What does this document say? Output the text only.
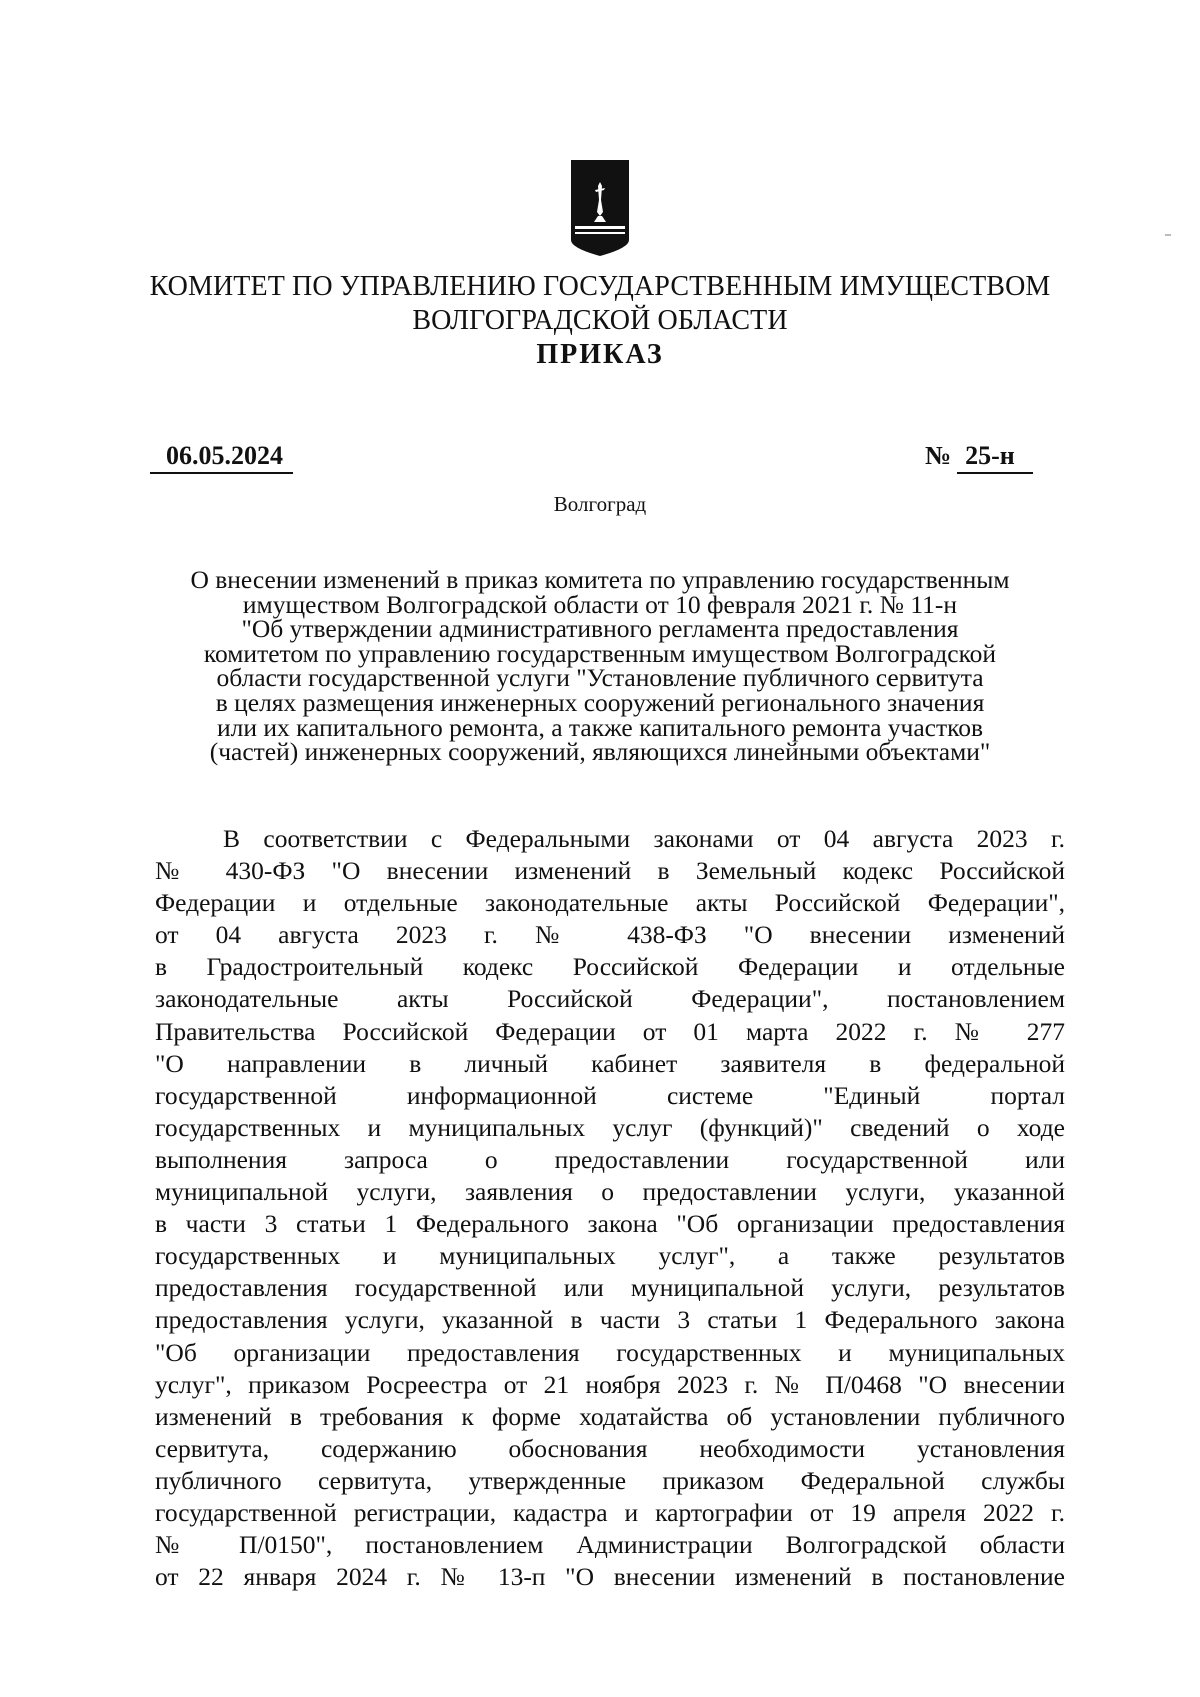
КОМИТЕТ ПО УПРАВЛЕНИЮ ГОСУДАРСТВЕННЫМ ИМУЩЕСТВОМ
ВОЛГОГРАДСКОЙ ОБЛАСТИ
ПРИКАЗ
06.05.2024	№ 25-н
Волгоград
О внесении изменений в приказ комитета по управлению государственным
имуществом Волгоградской области от 10 февраля 2021 г. № 11-н
"Об утверждении административного регламента предоставления
комитетом по управлению государственным имуществом Волгоградской
области государственной услуги "Установление публичного сервитута
в целях размещения инженерных сооружений регионального значения
или их капитального ремонта, а также капитального ремонта участков
(частей) инженерных сооружений, являющихся линейными объектами"
В соответствии с Федеральными законами от 04 августа 2023 г.
№ 430-ФЗ "О внесении изменений в Земельный кодекс Российской
Федерации и отдельные законодательные акты Российской Федерации",
от 04 августа 2023 г. № 438-ФЗ "О внесении изменений
в Градостроительный кодекс Российской Федерации и отдельные
законодательные акты Российской Федерации", постановлением
Правительства Российской Федерации от 01 марта 2022 г. № 277
"О направлении в личный кабинет заявителя в федеральной
государственной информационной системе "Единый портал
государственных и муниципальных услуг (функций)" сведений о ходе
выполнения запроса о предоставлении государственной или
муниципальной услуги, заявления о предоставлении услуги, указанной
в части 3 статьи 1 Федерального закона "Об организации предоставления
государственных и муниципальных услуг", а также результатов
предоставления государственной или муниципальной услуги, результатов
предоставления услуги, указанной в части 3 статьи 1 Федерального закона
"Об организации предоставления государственных и муниципальных
услуг", приказом Росреестра от 21 ноября 2023 г. № П/0468 "О внесении
изменений в требования к форме ходатайства об установлении публичного
сервитута, содержанию обоснования необходимости установления
публичного сервитута, утвержденные приказом Федеральной службы
государственной регистрации, кадастра и картографии от 19 апреля 2022 г.
№ П/0150", постановлением Администрации Волгоградской области
от 22 января 2024 г. № 13-п "О внесении изменений в постановление
